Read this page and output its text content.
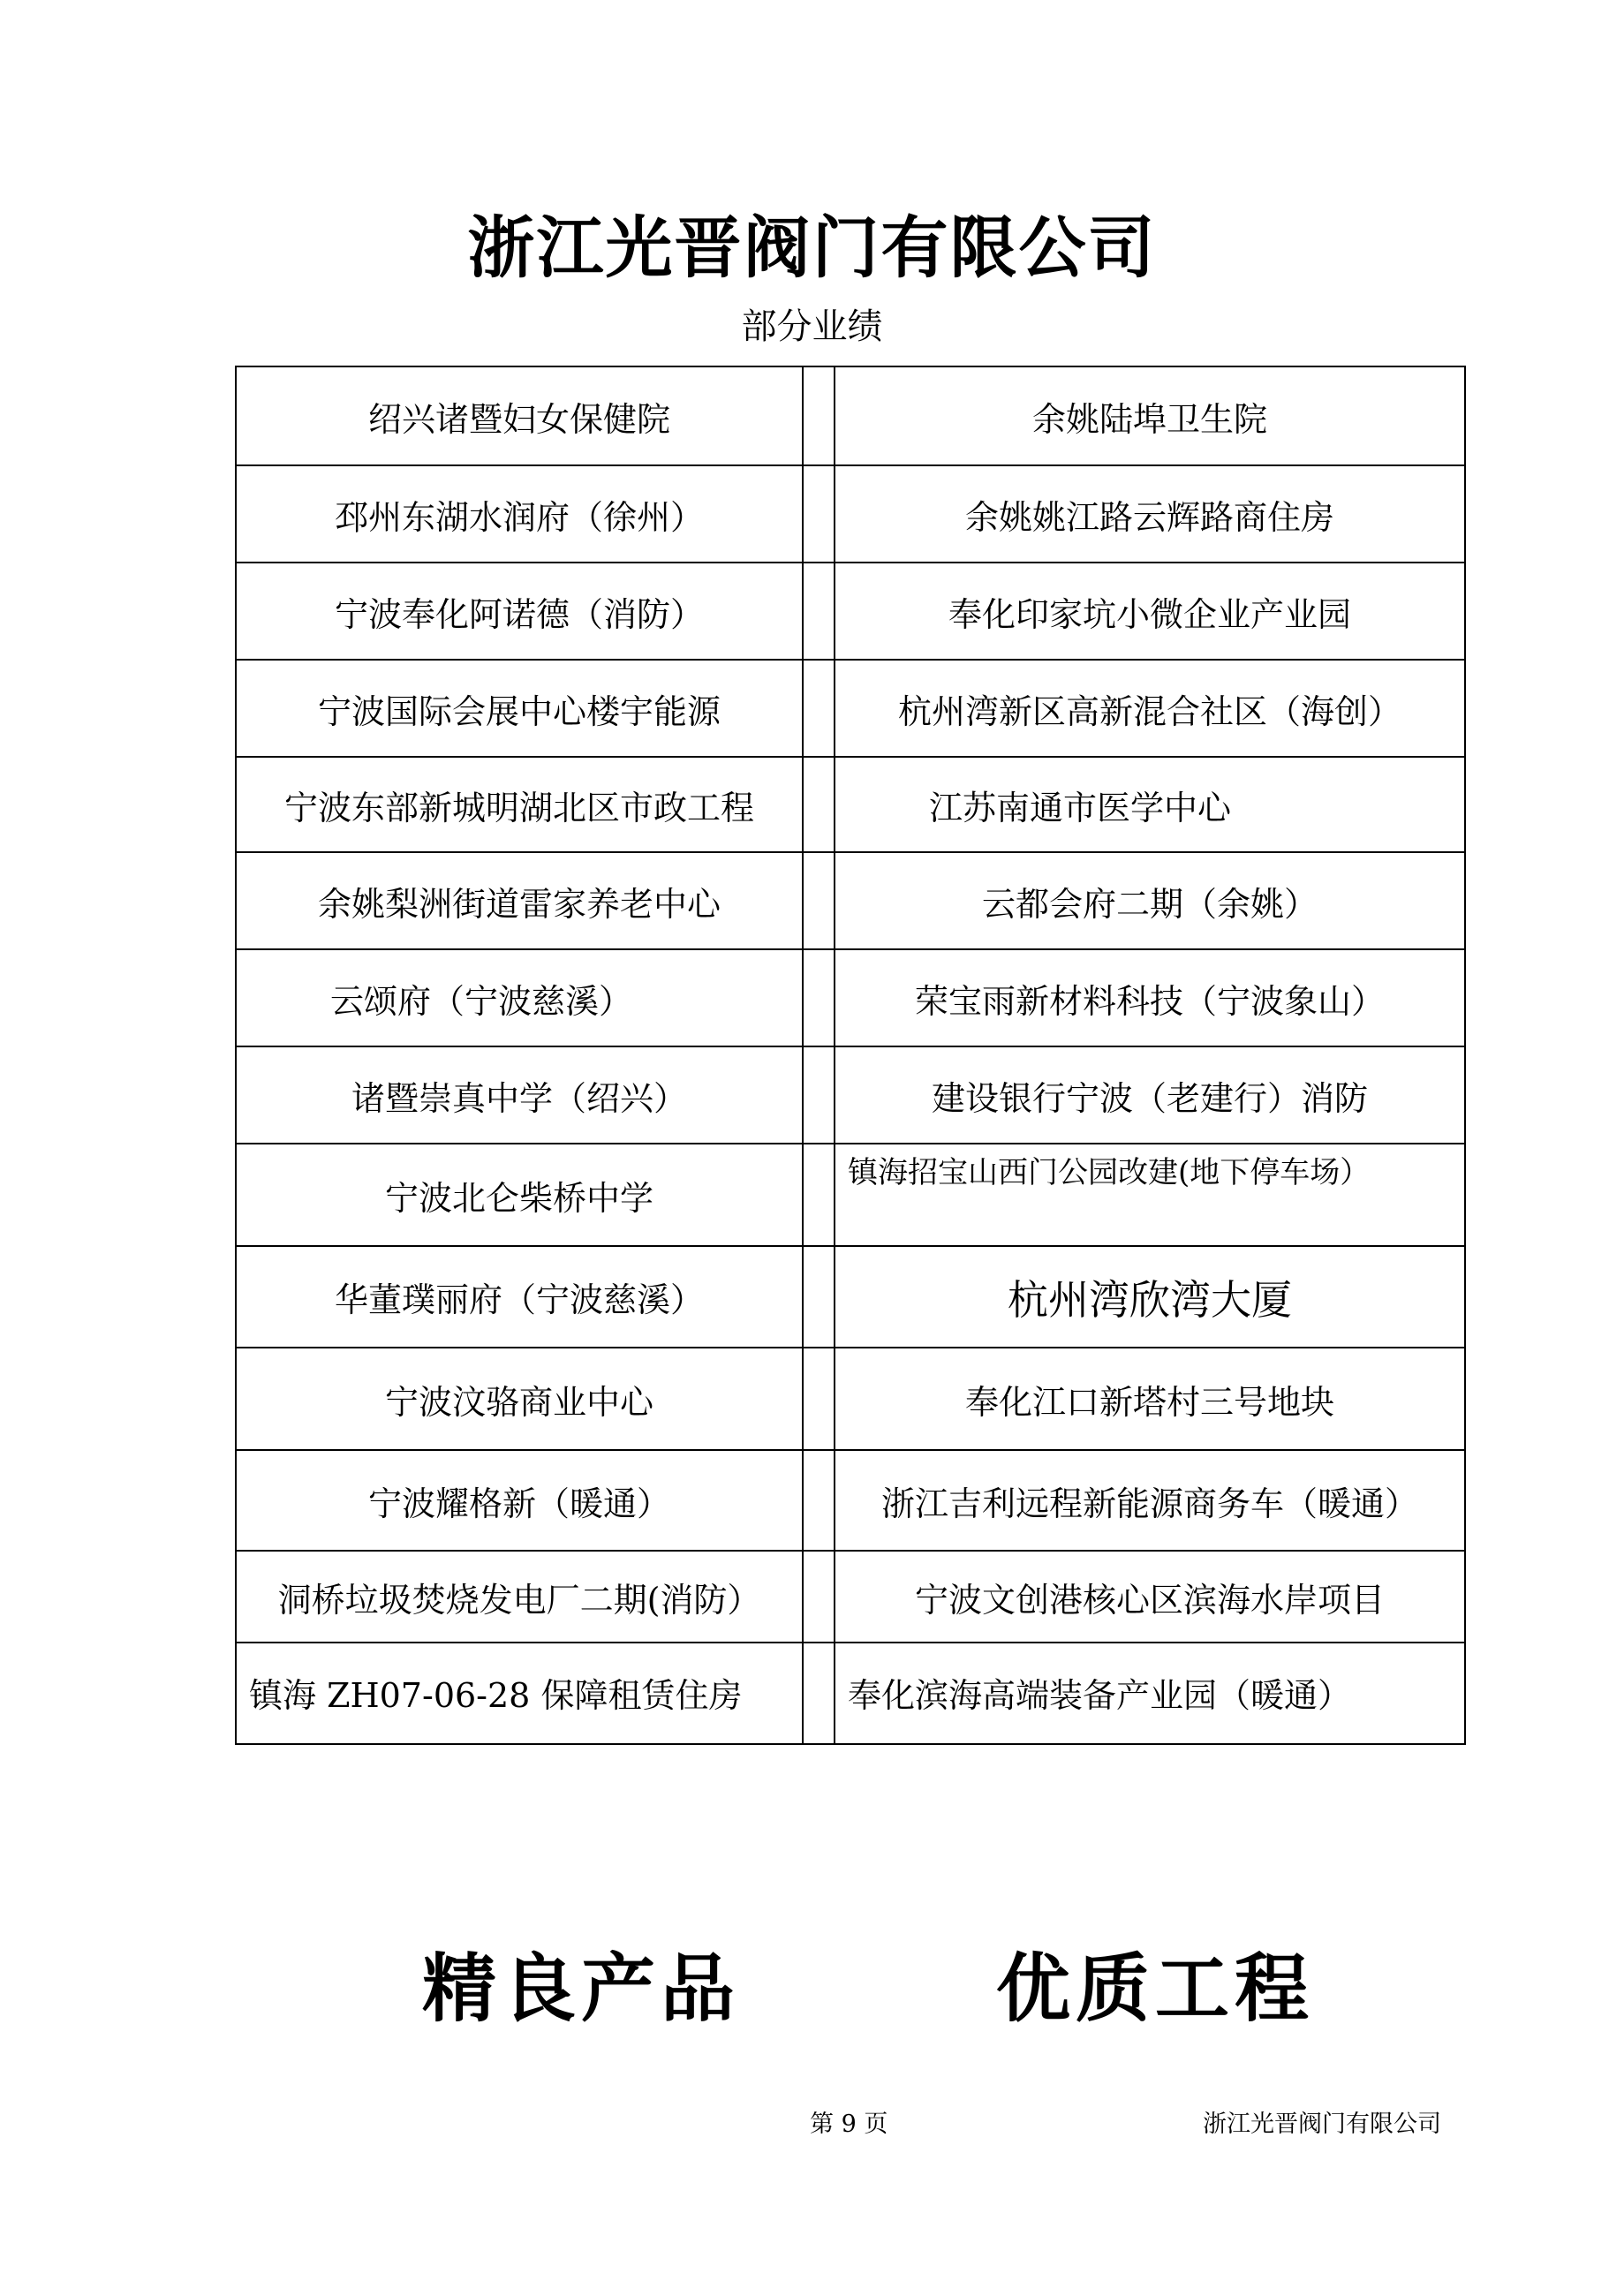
浙江光晋阀门有限公司
部分业绩
绍兴诸暨妇女保健院		余姚陆埠卫生院
邳州东湖水润府（徐州）		余姚姚江路云辉路商住房
宁波奉化阿诺德（消防）		奉化印家坑小微企业产业园
宁波国际会展中心楼宇能源		杭州湾新区高新混合社区（海创）
宁波东部新城明湖北区市政工程		江苏南通市医学中心
余姚梨洲街道雷家养老中心		云都会府二期（余姚）
云颂府（宁波慈溪）		荣宝雨新材料科技（宁波象山）
诸暨崇真中学（绍兴）		建设银行宁波（老建行）消防
宁波北仑柴桥中学		镇海招宝山西门公园改建(地下停车场）
华董璞丽府（宁波慈溪）		杭州湾欣湾大厦
宁波汶骆商业中心		奉化江口新塔村三号地块
宁波耀格新（暖通）		浙江吉利远程新能源商务车（暖通）
洞桥垃圾焚烧发电厂二期(消防）		宁波文创港核心区滨海水岸项目
镇海 ZH07-06-28 保障租赁住房		奉化滨海高端装备产业园（暖通）
精良产品	优质工程
第 9 页	浙江光晋阀门有限公司
